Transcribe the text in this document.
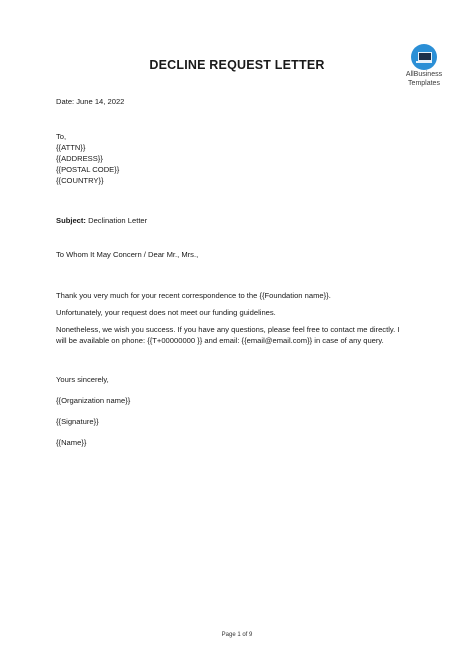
DECLINE REQUEST LETTER
AllBusiness
Templates
Date: June 14, 2022
To,
{{ATTN}}
{{ADDRESS}}
{{POSTAL CODE}}
{{COUNTRY}}
Subject: Declination Letter
To Whom It May Concern / Dear Mr., Mrs.,
Thank you very much for your recent correspondence to the {{Foundation name}}.
Unfortunately, your request does not meet our funding guidelines.
Nonetheless, we wish you success. If you have any questions, please feel free to contact me directly. I
will be available on phone: {{T+00000000 }} and email: {{email@email.com}} in case of any query.
Yours sincerely,
{{Organization name}}
{{Signature}}
{{Name}}
Page 1 of 9
